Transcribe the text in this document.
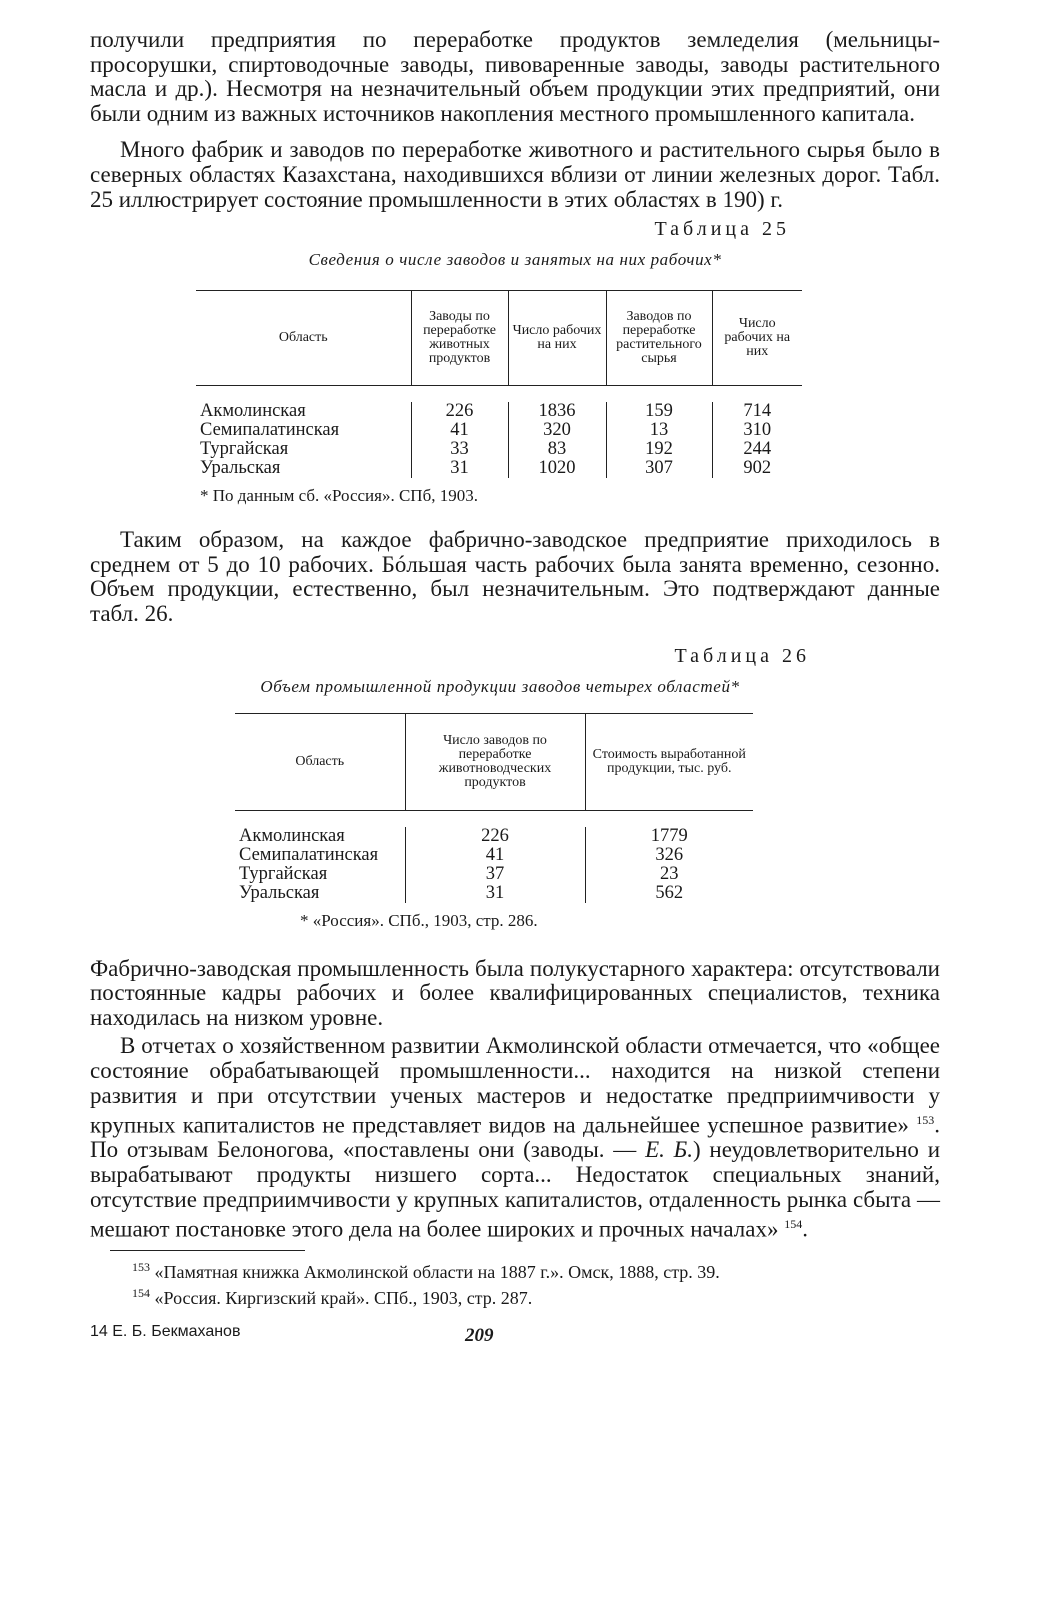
получили предприятия по переработке продуктов земледелия (мельницы-просорушки, спиртоводочные заводы, пивоваренные заводы, заводы растительного масла и др.). Несмотря на незначительный объем продукции этих предприятий, они были одним из важных источников накопления местного промышленного капитала.

Много фабрик и заводов по переработке животного и растительного сырья было в северных областях Казахстана, находившихся вблизи от линии железных дорог. Табл. 25 иллюстрирует состояние промышленности в этих областях в 190) г.

Таблица 25
Сведения о числе заводов и занятых на них рабочих*
Область	Заводы по переработке животных продуктов	Число рабочих на них	Заводов по переработке растительного сырья	Число рабочих на них

Акмолинская	226	1836	159	714
Семипалатинская	41	320	13	310
Тургайская	33	83	192	244
Уральская	31	1020	307	902
* По данным сб. «Россия». СПб, 1903.

Таким образом, на каждое фабрично-заводское предприятие приходилось в среднем от 5 до 10 рабочих. Бóльшая часть рабочих была занята временно, сезонно. Объем продукции, естественно, был незначительным. Это подтверждают данные табл. 26.

Таблица 26
Объем промышленной продукции заводов четырех областей*
Область	Число заводов по переработке животноводческих продуктов	Стоимость выработанной продукции, тыс. руб.

Акмолинская	226	1779
Семипалатинская	41	326
Тургайская	37	23
Уральская	31	562
* «Россия». СПб., 1903, стр. 286.

Фабрично-заводская промышленность была полукустарного характера: отсутствовали постоянные кадры рабочих и более квалифицированных специалистов, техника находилась на низком уровне.

В отчетах о хозяйственном развитии Акмолинской области отмечается, что «общее состояние обрабатывающей промышленности... находится на низкой степени развития и при отсутствии ученых мастеров и недостатке предприимчивости у крупных капиталистов не представляет видов на дальнейшее успешное развитие» $^{153}$. По отзывам Белоногова, «поставлены они (заводы. — Е. Б.) неудовлетворительно и вырабатывают продукты низшего сорта... Недостаток специальных знаний, отсутствие предприимчивости у крупных капиталистов, отдаленность рынка сбыта — мешают постановке этого дела на более широких и прочных началах» $^{154}$.

$^{153}$ «Памятная книжка Акмолинской области на 1887 г.». Омск, 1888, стр. 39.

$^{154}$ «Россия. Киргизский край». СПб., 1903, стр. 287.

14 Е. Б. Бекмаханов	209
